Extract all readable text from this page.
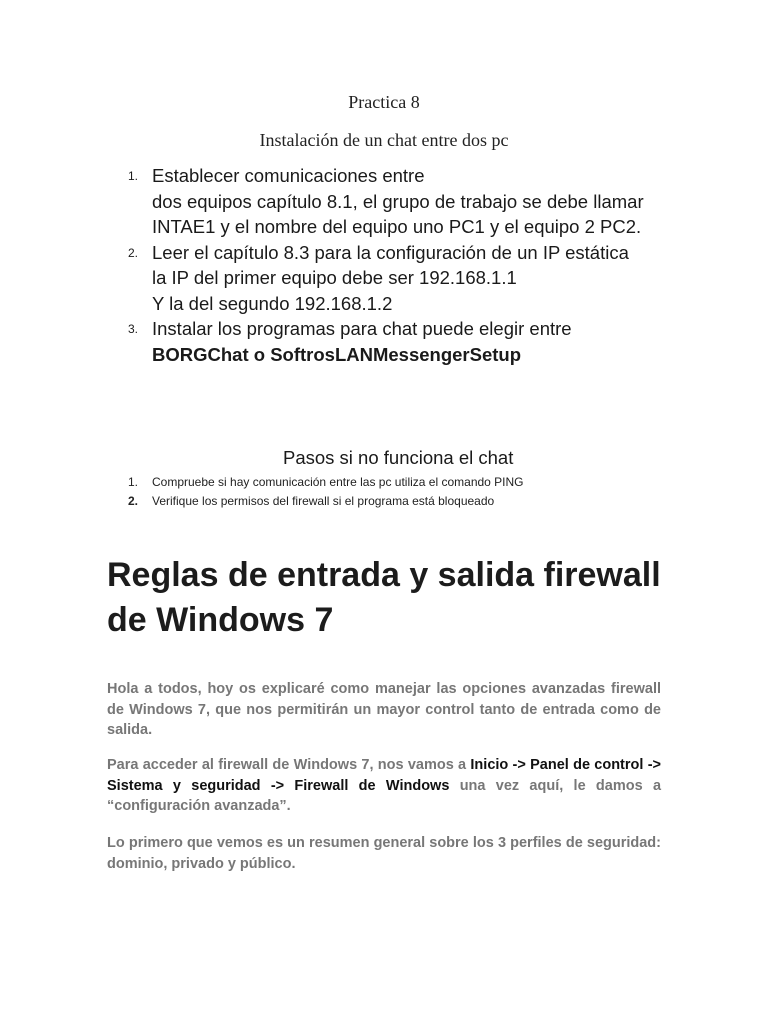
Practica 8
Instalación de un chat entre dos pc
1. Establecer comunicaciones entre
dos equipos capítulo 8.1, el grupo de trabajo se debe llamar INTAE1 y el nombre del equipo uno PC1 y el equipo 2 PC2.
2. Leer el capítulo 8.3 para la configuración de un IP estática la IP del primer equipo debe ser 192.168.1.1
Y la del segundo 192.168.1.2
3. Instalar los programas para chat puede elegir entre
BORGChat o SoftrosLANMessengerSetup
Pasos si no funciona el chat
1. Compruebe si hay comunicación entre las pc utiliza el comando PING
2. Verifique los permisos del firewall si el programa está bloqueado
Reglas de entrada y salida firewall de Windows 7

Hola a todos, hoy os explicaré como manejar las opciones avanzadas firewall de Windows 7, que nos permitirán un mayor control tanto de entrada como de salida.

Para acceder al firewall de Windows 7, nos vamos a Inicio -> Panel de control -> Sistema y seguridad -> Firewall de Windows una vez aquí, le damos a “configuración avanzada”.

Lo primero que vemos es un resumen general sobre los 3 perfiles de seguridad: dominio, privado y público.
